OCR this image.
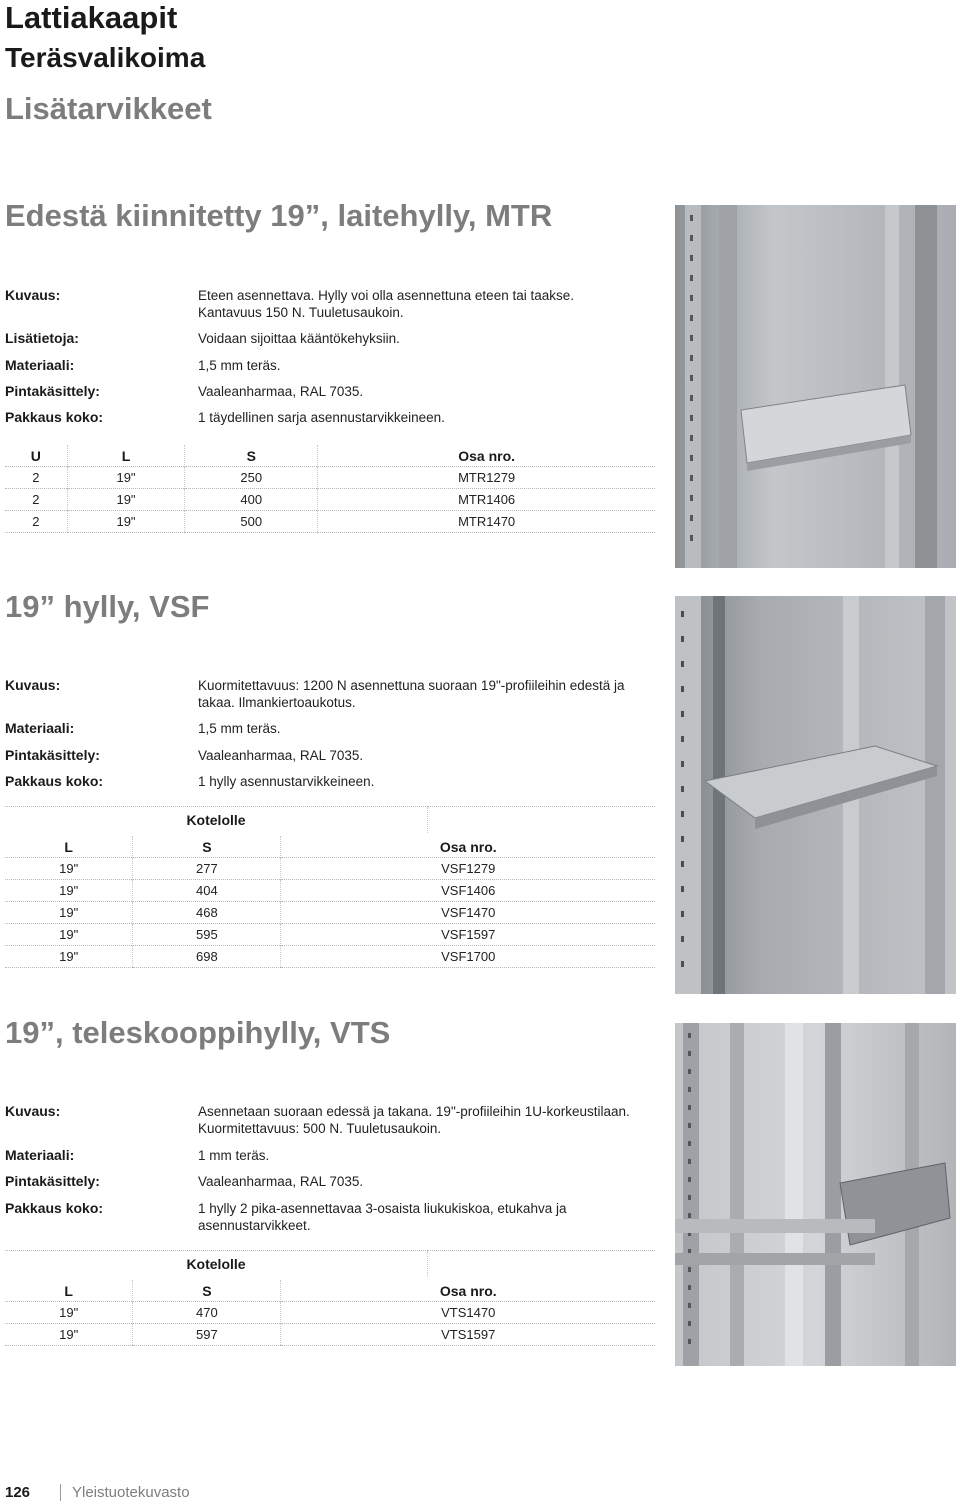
Lattiakaapit
Teräsvalikoima
Lisätarvikkeet
Edestä kiinnitetty 19”, laitehylly, MTR
Kuvaus:	Eteen asennettava. Hylly voi olla asennettuna eteen tai taakse. Kantavuus 150 N. Tuuletusaukoin.
Lisätietoja:	Voidaan sijoittaa kääntökehyksiin.
Materiaali:	1,5 mm teräs.
Pintakäsittely:	Vaaleanharmaa, RAL 7035.
Pakkaus koko:	1 täydellinen sarja asennustarvikkeineen.
U	L	S	Osa nro.
2	19"	250	MTR1279
2	19"	400	MTR1406
2	19"	500	MTR1470
19” hylly, VSF
Kuvaus:	Kuormitettavuus: 1200 N asennettuna suoraan 19"-profiileihin edestä ja takaa. Ilmankiertoaukotus.
Materiaali:	1,5 mm teräs.
Pintakäsittely:	Vaaleanharmaa, RAL 7035.
Pakkaus koko:	1 hylly asennustarvikkeineen.
Kotelolle	
L	S	Osa nro.
19"	277	VSF1279
19"	404	VSF1406
19"	468	VSF1470
19"	595	VSF1597
19"	698	VSF1700
19”, teleskooppihylly, VTS
Kuvaus:	Asennetaan suoraan edessä ja takana. 19"-profiileihin 1U-korkeustilaan. Kuormitettavuus: 500 N. Tuuletusaukoin.
Materiaali:	1 mm teräs.
Pintakäsittely:	Vaaleanharmaa, RAL 7035.
Pakkaus koko:	1 hylly 2 pika-asennettavaa 3-osaista liukukiskoa, etukahva ja asennustarvikkeet.
Kotelolle	
L	S	Osa nro.
19"	470	VTS1470
19"	597	VTS1597
126	Yleistuotekuvasto
